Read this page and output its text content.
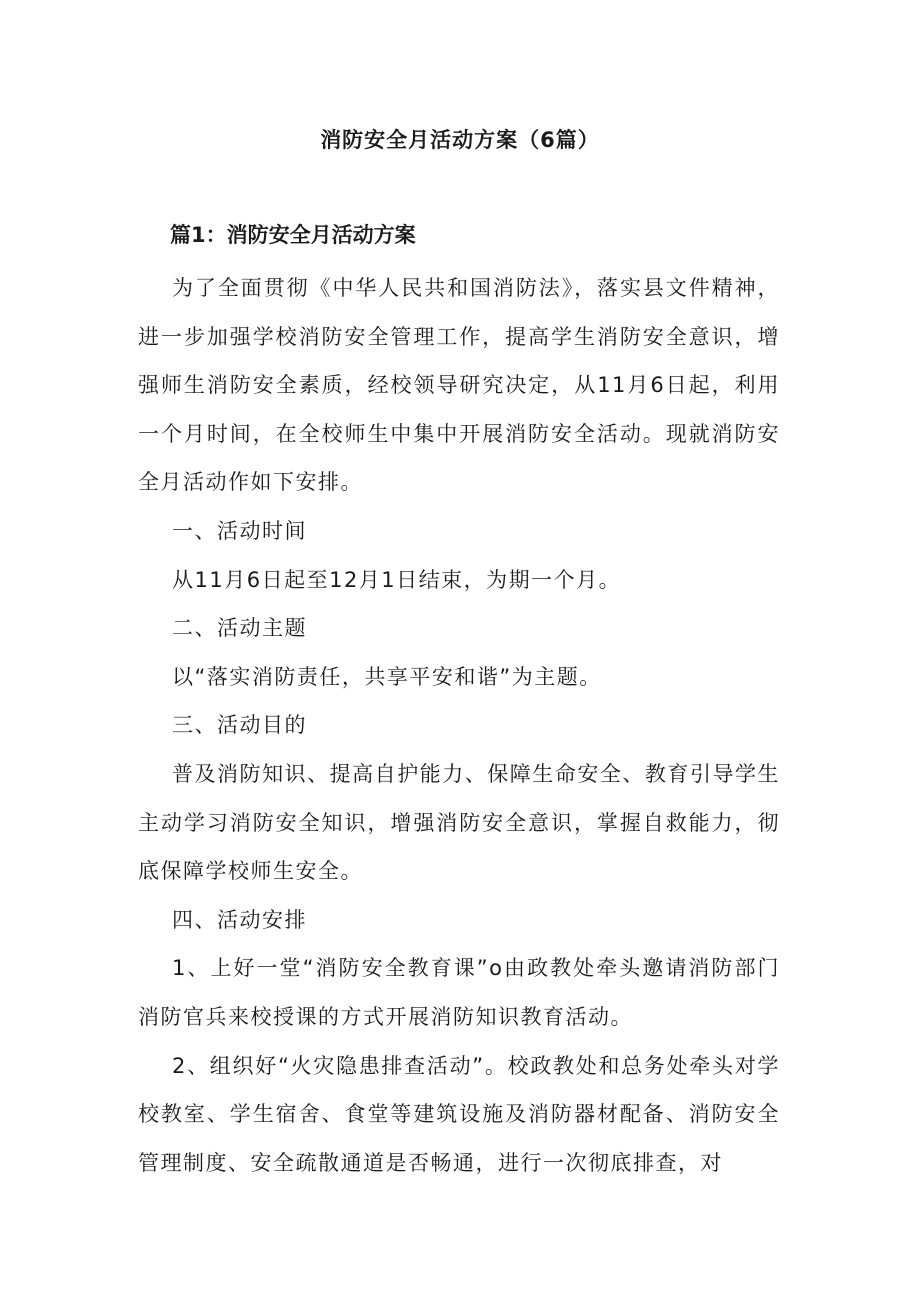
消防安全月活动方案（6篇）
篇1：消防安全月活动方案

为了全面贯彻《中华人民共和国消防法》，落实县文件精神，进一步加强学校消防安全管理工作，提高学生消防安全意识，增强师生消防安全素质，经校领导研究决定，从11月6日起，利用一个月时间，在全校师生中集中开展消防安全活动。现就消防安全月活动作如下安排。

一、活动时间

从11月6日起至12月1日结束，为期一个月。

二、活动主题

以“落实消防责任，共享平安和谐”为主题。

三、活动目的

普及消防知识、提高自护能力、保障生命安全、教育引导学生主动学习消防安全知识，增强消防安全意识，掌握自救能力，彻底保障学校师生安全。

四、活动安排

1、上好一堂“消防安全教育课”o由政教处牵头邀请消防部门消防官兵来校授课的方式开展消防知识教育活动。

2、组织好“火灾隐患排查活动”。校政教处和总务处牵头对学校教室、学生宿舍、食堂等建筑设施及消防器材配备、消防安全管理制度、安全疏散通道是否畅通，进行一次彻底排查，对
